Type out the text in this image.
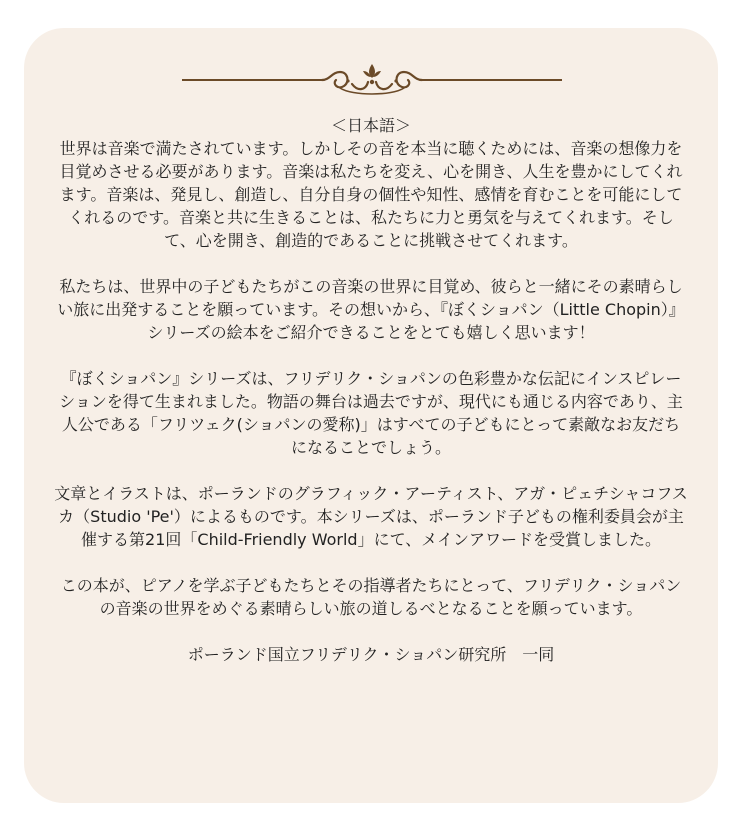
＜日本語＞

世界は音楽で満たされています。しかしその音を本当に聴くためには、音楽の想像力を目覚めさせる必要があります。音楽は私たちを変え、心を開き、人生を豊かにしてくれます。音楽は、発見し、創造し、自分自身の個性や知性、感情を育むことを可能にしてくれるのです。音楽と共に生きることは、私たちに力と勇気を与えてくれます。そして、心を開き、創造的であることに挑戦させてくれます。

私たちは、世界中の子どもたちがこの音楽の世界に目覚め、彼らと一緒にその素晴らしい旅に出発することを願っています。その想いから、『ぼくショパン（Little Chopin）』シリーズの絵本をご紹介できることをとても嬉しく思います！

『ぼくショパン』シリーズは、フリデリク・ショパンの色彩豊かな伝記にインスピレーションを得て生まれました。物語の舞台は過去ですが、現代にも通じる内容であり、主人公である「フリツェク(ショパンの愛称)」はすべての子どもにとって素敵なお友だちになることでしょう。

文章とイラストは、ポーランドのグラフィック・アーティスト、アガ・ピェチシャコフスカ（Studio 'Pe'）によるものです。本シリーズは、ポーランド子どもの権利委員会が主催する第21回「Child-Friendly World」にて、メインアワードを受賞しました。

この本が、ピアノを学ぶ子どもたちとその指導者たちにとって、フリデリク・ショパンの音楽の世界をめぐる素晴らしい旅の道しるべとなることを願っています。

ポーランド国立フリデリク・ショパン研究所　一同
